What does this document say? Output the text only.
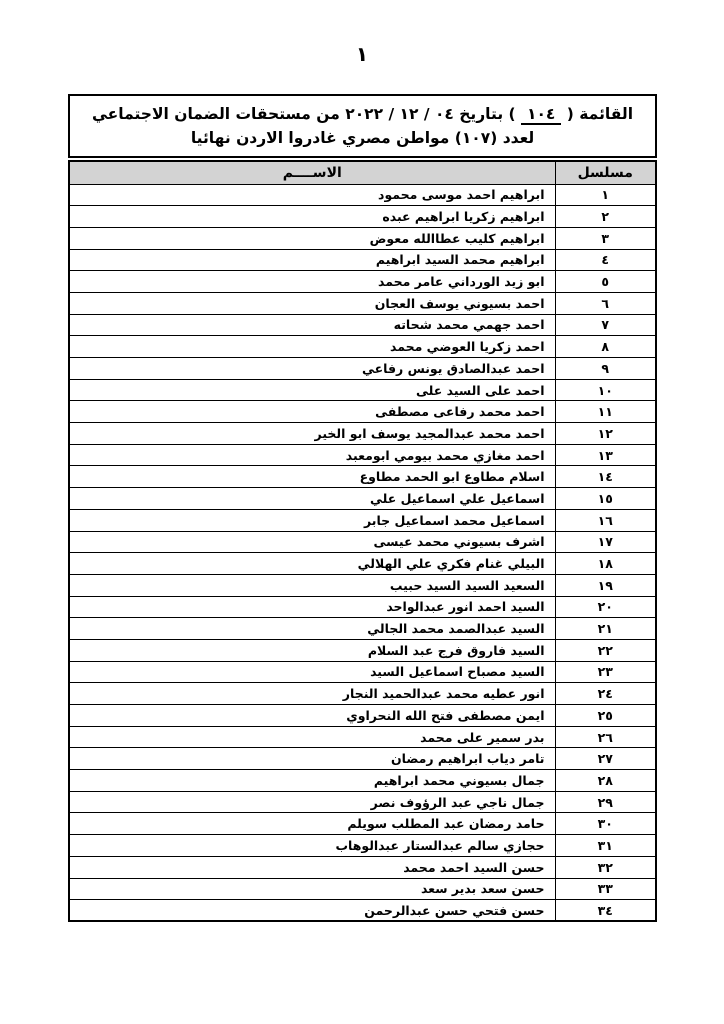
١
القائمة ( ١٠٤ ) بتاريخ ٠٤ / ١٢ / ٢٠٢٢ من مستحقات الضمان الاجتماعي
لعدد (١٠٧) مواطن مصري غادروا الاردن نهائيا
مسلسل	الاســــم
١	ابراهيم احمد موسى محمود
٢	ابراهيم زكريا ابراهيم عبده
٣	ابراهيم كليب عطاالله معوض
٤	ابراهيم محمد السيد ابراهيم
٥	ابو زيد الورداني عامر محمد
٦	احمد بسيوني يوسف العجان
٧	احمد جهمي محمد شحاته
٨	احمد زكريا العوضي محمد
٩	احمد عبدالصادق يونس رفاعي
١٠	احمد على السيد على
١١	احمد محمد رفاعى مصطفى
١٢	احمد محمد عبدالمجيد يوسف ابو الخير
١٣	احمد مغازي محمد بيومي ابومعبد
١٤	اسلام مطاوع ابو الحمد مطاوع
١٥	اسماعيل علي اسماعيل علي
١٦	اسماعيل محمد اسماعيل جابر
١٧	اشرف بسيوني محمد عيسى
١٨	البيلي غنام فكري علي الهلالي
١٩	السعيد السيد السيد حبيب
٢٠	السيد احمد انور عبدالواحد
٢١	السيد عبدالصمد محمد الجالي
٢٢	السيد فاروق فرج عبد السلام
٢٣	السيد مصباح اسماعيل السيد
٢٤	انور عطيه محمد عبدالحميد النجار
٢٥	ايمن مصطفى فتح الله النحراوي
٢٦	بدر سمير على محمد
٢٧	تامر دياب ابراهيم رمضان
٢٨	جمال بسيوني محمد ابراهيم
٢٩	جمال ناجي عبد الرؤوف نصر
٣٠	حامد رمضان عبد المطلب سويلم
٣١	حجازي سالم عبدالستار عبدالوهاب
٣٢	حسن السيد احمد محمد
٣٣	حسن سعد بدير سعد
٣٤	حسن فتحي حسن عبدالرحمن
